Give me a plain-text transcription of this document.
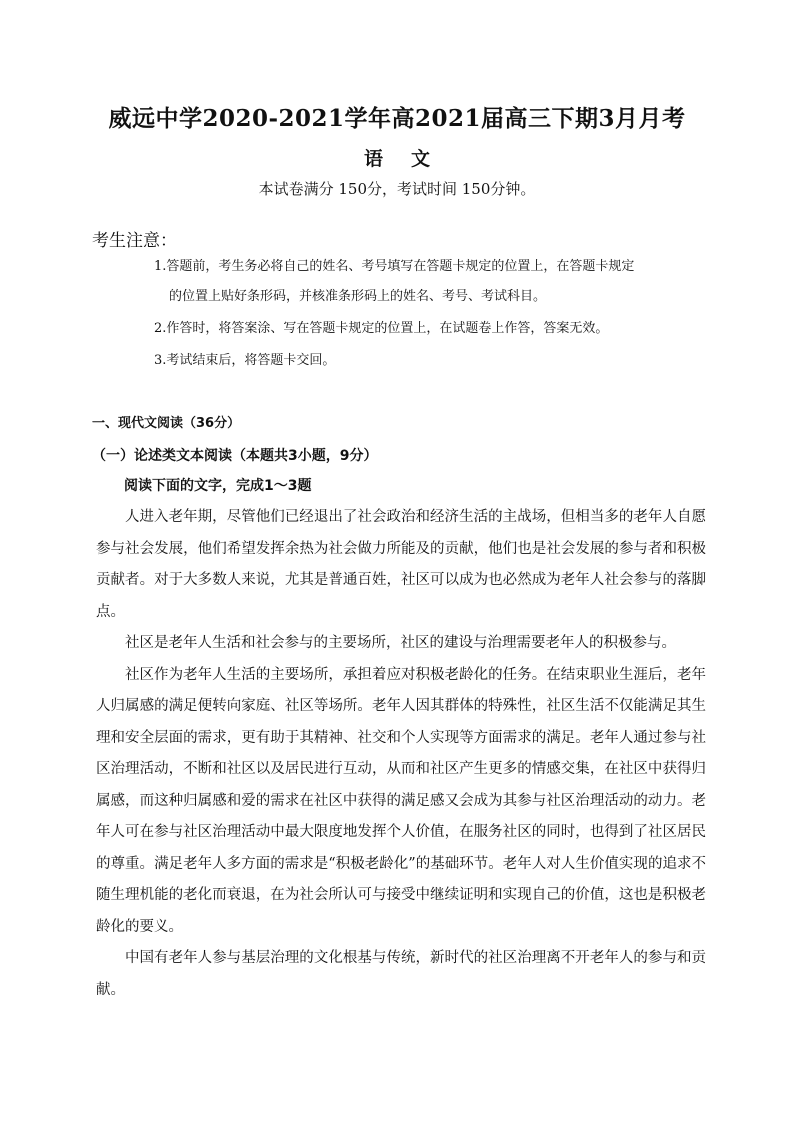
威远中学2020-2021学年高2021届高三下期3月月考
语文
本试卷满分 150分，考试时间 150分钟。
考生注意：
1.答题前，考生务必将自己的姓名、考号填写在答题卡规定的位置上，在答题卡规定
的位置上贴好条形码，并核准条形码上的姓名、考号、考试科目。
2.作答时，将答案涂、写在答题卡规定的位置上，在试题卷上作答，答案无效。
3.考试结束后，将答题卡交回。
一、现代文阅读（36分）
（一）论述类文本阅读（本题共3小题，9分）
阅读下面的文字，完成1～3题

人进入老年期，尽管他们已经退出了社会政治和经济生活的主战场，但相当多的老年人自愿参与社会发展，他们希望发挥余热为社会做力所能及的贡献，他们也是社会发展的参与者和积极贡献者。对于大多数人来说，尤其是普通百姓，社区可以成为也必然成为老年人社会参与的落脚点。

社区是老年人生活和社会参与的主要场所，社区的建设与治理需要老年人的积极参与。

社区作为老年人生活的主要场所，承担着应对积极老龄化的任务。在结束职业生涯后，老年人归属感的满足便转向家庭、社区等场所。老年人因其群体的特殊性，社区生活不仅能满足其生理和安全层面的需求，更有助于其精神、社交和个人实现等方面需求的满足。老年人通过参与社区治理活动，不断和社区以及居民进行互动，从而和社区产生更多的情感交集，在社区中获得归属感，而这种归属感和爱的需求在社区中获得的满足感又会成为其参与社区治理活动的动力。老年人可在参与社区治理活动中最大限度地发挥个人价值，在服务社区的同时，也得到了社区居民的尊重。满足老年人多方面的需求是“积极老龄化”的基础环节。老年人对人生价值实现的追求不随生理机能的老化而衰退，在为社会所认可与接受中继续证明和实现自己的价值，这也是积极老龄化的要义。

中国有老年人参与基层治理的文化根基与传统，新时代的社区治理离不开老年人的参与和贡献。
